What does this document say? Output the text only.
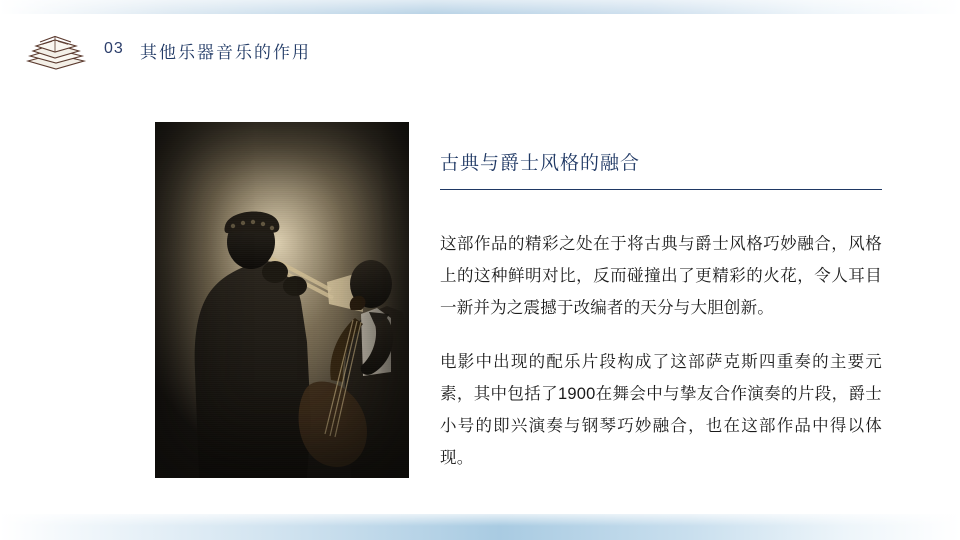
03 其他乐器音乐的作用
古典与爵士风格的融合

这部作品的精彩之处在于将古典与爵士风格巧妙融合，风格上的这种鲜明对比，反而碰撞出了更精彩的火花，令人耳目一新并为之震撼于改编者的天分与大胆创新。

电影中出现的配乐片段构成了这部萨克斯四重奏的主要元素，其中包括了1900在舞会中与挚友合作演奏的片段，爵士小号的即兴演奏与钢琴巧妙融合，也在这部作品中得以体现。
